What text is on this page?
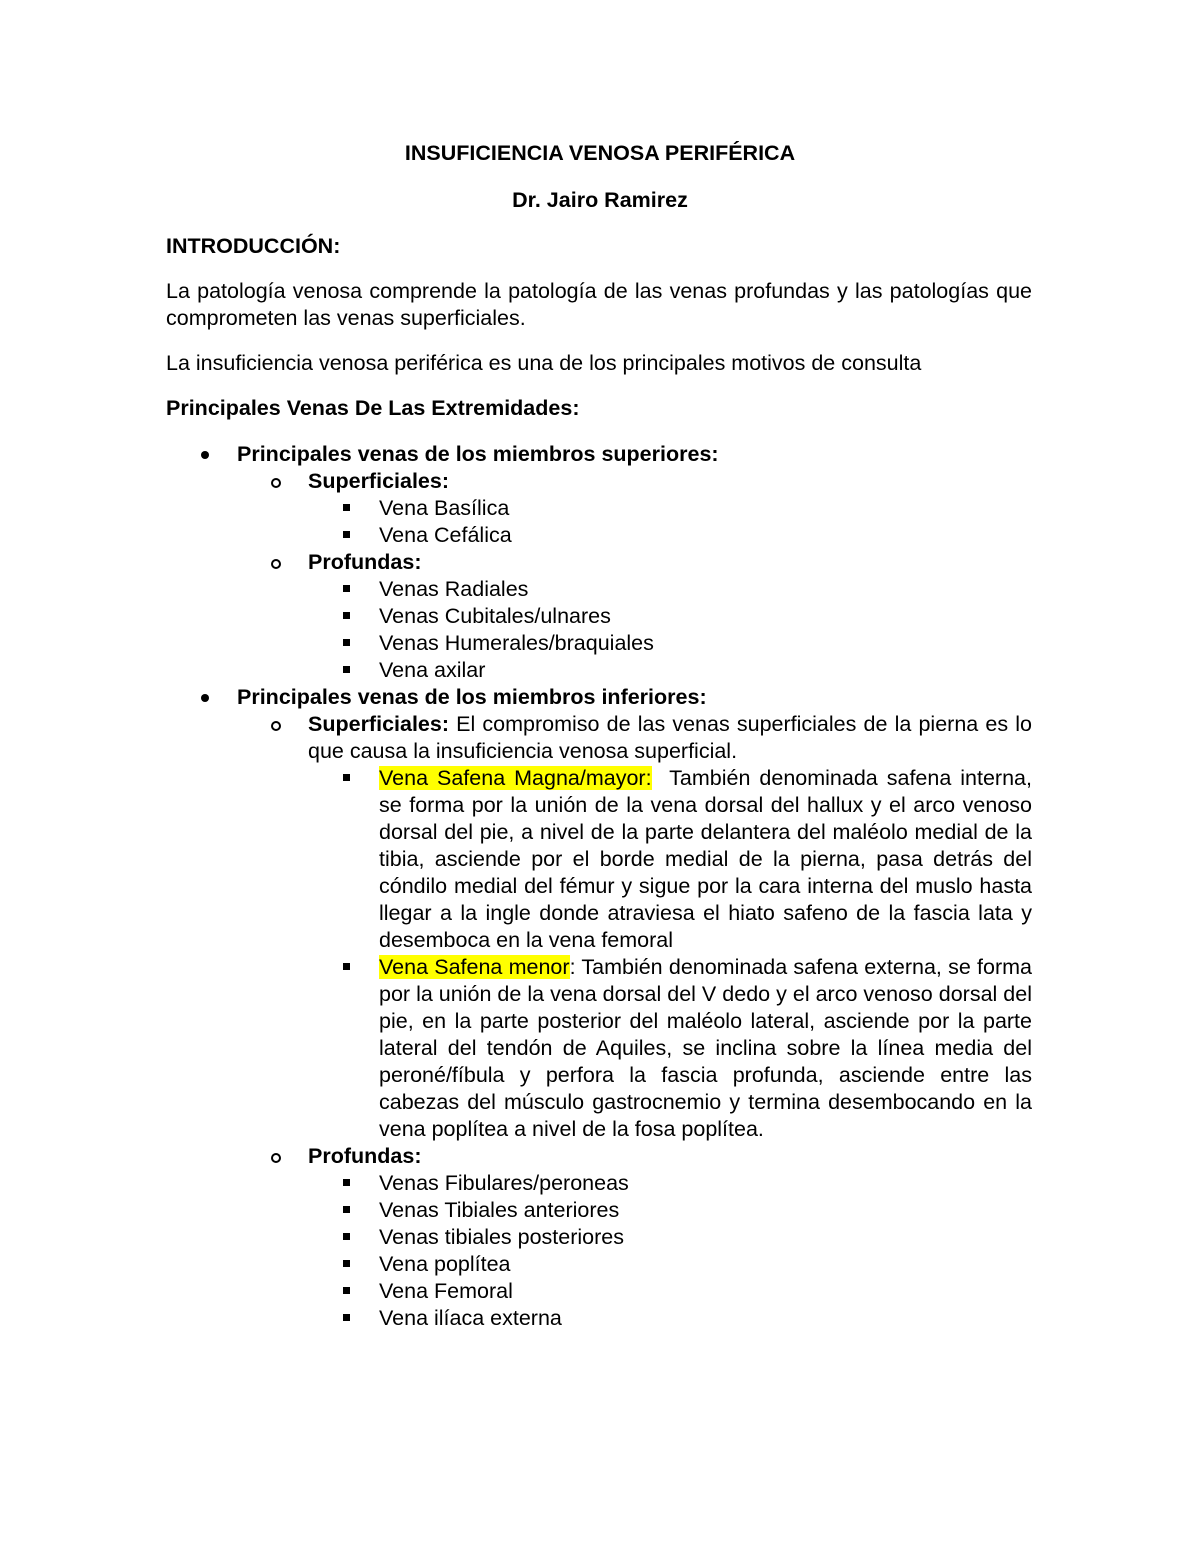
INSUFICIENCIA VENOSA PERIFÉRICA

Dr. Jairo Ramirez

INTRODUCCIÓN:

La patología venosa comprende la patología de las venas profundas y las patologías que comprometen las venas superficiales.

La insuficiencia venosa periférica es una de los principales motivos de consulta

Principales Venas De Las Extremidades:

Principales venas de los miembros superiores:
Superficiales:
Vena Basílica
Vena Cefálica
Profundas:
Venas Radiales
Venas Cubitales/ulnares
Venas Humerales/braquiales
Vena axilar
Principales venas de los miembros inferiores:
Superficiales: El compromiso de las venas superficiales de la pierna es lo que causa la insuficiencia venosa superficial.
Vena Safena Magna/mayor:  También denominada safena interna, se forma por la unión de la vena dorsal del hallux y el arco venoso dorsal del pie, a nivel de la parte delantera del maléolo medial de la tibia, asciende por el borde medial de la pierna, pasa detrás del cóndilo medial del fémur y sigue por la cara interna del muslo hasta llegar a la ingle donde atraviesa el hiato safeno de la fascia lata y desemboca en la vena femoral
Vena Safena menor: También denominada safena externa, se forma por la unión de la vena dorsal del V dedo y el arco venoso dorsal del pie, en la parte posterior del maléolo lateral, asciende por la parte lateral del tendón de Aquiles, se inclina sobre la línea media del peroné/fíbula y perfora la fascia profunda, asciende entre las cabezas del músculo gastrocnemio y termina desembocando en la vena poplítea a nivel de la fosa poplítea.
Profundas:
Venas Fibulares/peroneas
Venas Tibiales anteriores
Venas tibiales posteriores
Vena poplítea
Vena Femoral
Vena ilíaca externa
